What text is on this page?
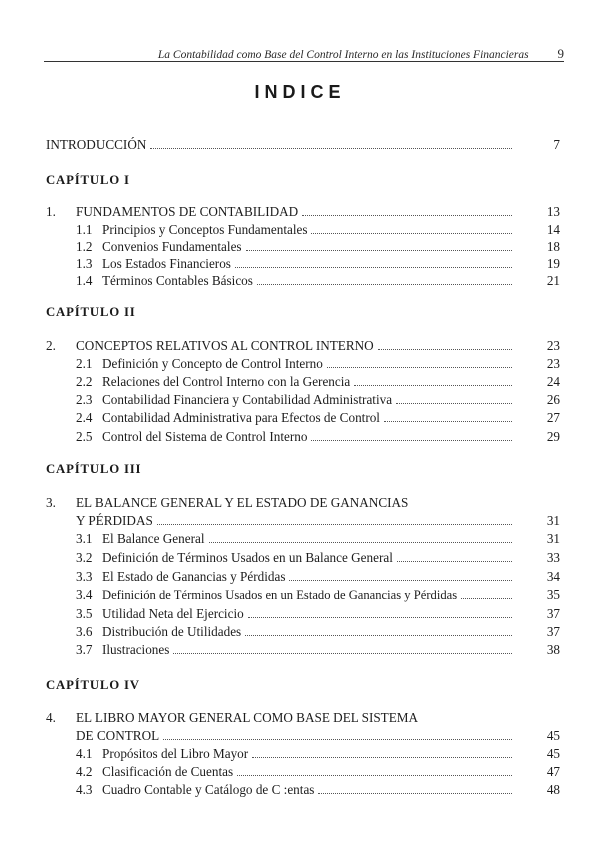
La Contabilidad como Base del Control Interno en las Instituciones Financieras 9
INDICE
INTRODUCCIÓN	7
CAPÍTULO I
1.	FUNDAMENTOS DE CONTABILIDAD	13
1.1 Principios y Conceptos Fundamentales	14
1.2 Convenios Fundamentales	18
1.3 Los Estados Financieros	19
1.4 Términos Contables Básicos	21
CAPÍTULO II
2.	CONCEPTOS RELATIVOS AL CONTROL INTERNO	23
2.1 Definición y Concepto de Control Interno	23
2.2 Relaciones del Control Interno con la Gerencia	24
2.3 Contabilidad Financiera y Contabilidad Administrativa	26
2.4 Contabilidad Administrativa para Efectos de Control	27
2.5 Control del Sistema de Control Interno	29
CAPÍTULO III
3. EL BALANCE GENERAL Y EL ESTADO DE GANANCIAS
Y PÉRDIDAS	31
3.1 El Balance General	31
3.2 Definición de Términos Usados en un Balance General	33
3.3 El Estado de Ganancias y Pérdidas	34
3.4 Definición de Términos Usados en un Estado de Ganancias y Pérdidas	35
3.5 Utilidad Neta del Ejercicio	37
3.6 Distribución de Utilidades	37
3.7 Ilustraciones	38
CAPÍTULO IV
4. EL LIBRO MAYOR GENERAL COMO BASE DEL SISTEMA
DE CONTROL	45
4.1 Propósitos del Libro Mayor	45
4.2 Clasificación de Cuentas	47
4.3 Cuadro Contable y Catálogo de C :entas	48
